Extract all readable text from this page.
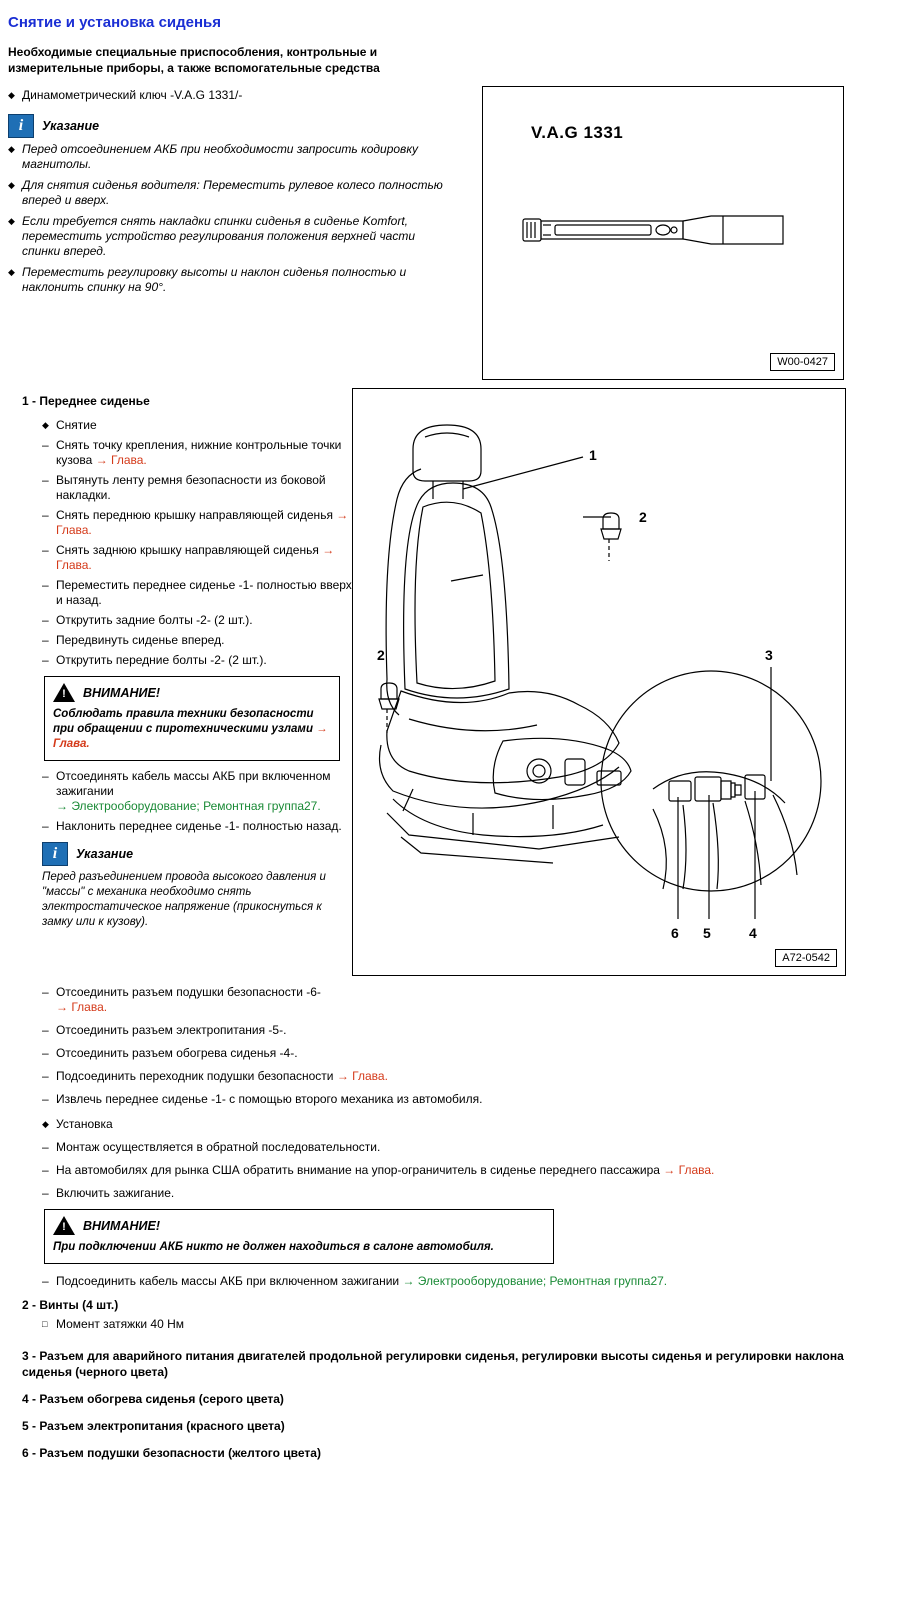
Снятие и установка сиденья
Необходимые специальные приспособления, контрольные и измерительные приборы, а также вспомогательные средства
◆ Динамометрический ключ -V.A.G 1331/-
i
Указание
◆ Перед отсоединением АКБ при необходимости запросить кодировку магнитолы.
◆ Для снятия сиденья водителя: Переместить рулевое колесо полностью вперед и вверх.
◆ Если требуется снять накладки спинки сиденья в сиденье Komfort, переместить устройство регулирования положения верхней части спинки вперед.
◆ Переместить регулировку высоты и наклон сиденья полностью и наклонить спинку на 90°.
V.A.G 1331
W00-0427
1 - Переднее сиденье
◆ Снятие
– Снять точку крепления, нижние контрольные точки кузова → Глава.
– Вытянуть ленту ремня безопасности из боковой накладки.
– Снять переднюю крышку направляющей сиденья → Глава.
– Снять заднюю крышку направляющей сиденья → Глава.
– Переместить переднее сиденье -1- полностью вверх и назад.
– Открутить задние болты -2- (2 шт.).
– Передвинуть сиденье вперед.
– Открутить передние болты -2- (2 шт.).
!
ВНИМАНИЕ!
Соблюдать правила техники безопасности при обращении с пиротехническими узлами → Глава.
– Отсоединять кабель массы АКБ при включенном зажигании
→ Электрооборудование; Ремонтная группа27.
– Наклонить переднее сиденье -1- полностью назад.
i
Указание
Перед разъединением провода высокого давления и "массы" с механика необходимо снять электростатическое напряжение (прикоснуться к замку или к кузову).
1
2
2	3
6 5	4
A72-0542
– Отсоединить разъем подушки безопасности -6-
→ Глава.
– Отсоединить разъем электропитания -5-.
– Отсоединить разъем обогрева сиденья -4-.
– Подсоединить переходник подушки безопасности → Глава.
– Извлечь переднее сиденье -1- с помощью второго механика из автомобиля.
◆ Установка
– Монтаж осуществляется в обратной последовательности.
– На автомобилях для рынка США обратить внимание на упор-ограничитель в сиденье переднего пассажира → Глава.
– Включить зажигание.
!
ВНИМАНИЕ!
При подключении АКБ никто не должен находиться в салоне автомобиля.
– Подсоединить кабель массы АКБ при включенном зажигании → Электрооборудование; Ремонтная группа27.
2 - Винты (4 шт.)
□ Момент затяжки 40 Нм
3 - Разъем для аварийного питания двигателей продольной регулировки сиденья, регулировки высоты сиденья и регулировки наклона сиденья (черного цвета)
4 - Разъем обогрева сиденья (серого цвета)
5 - Разъем электропитания (красного цвета)
6 - Разъем подушки безопасности (желтого цвета)
